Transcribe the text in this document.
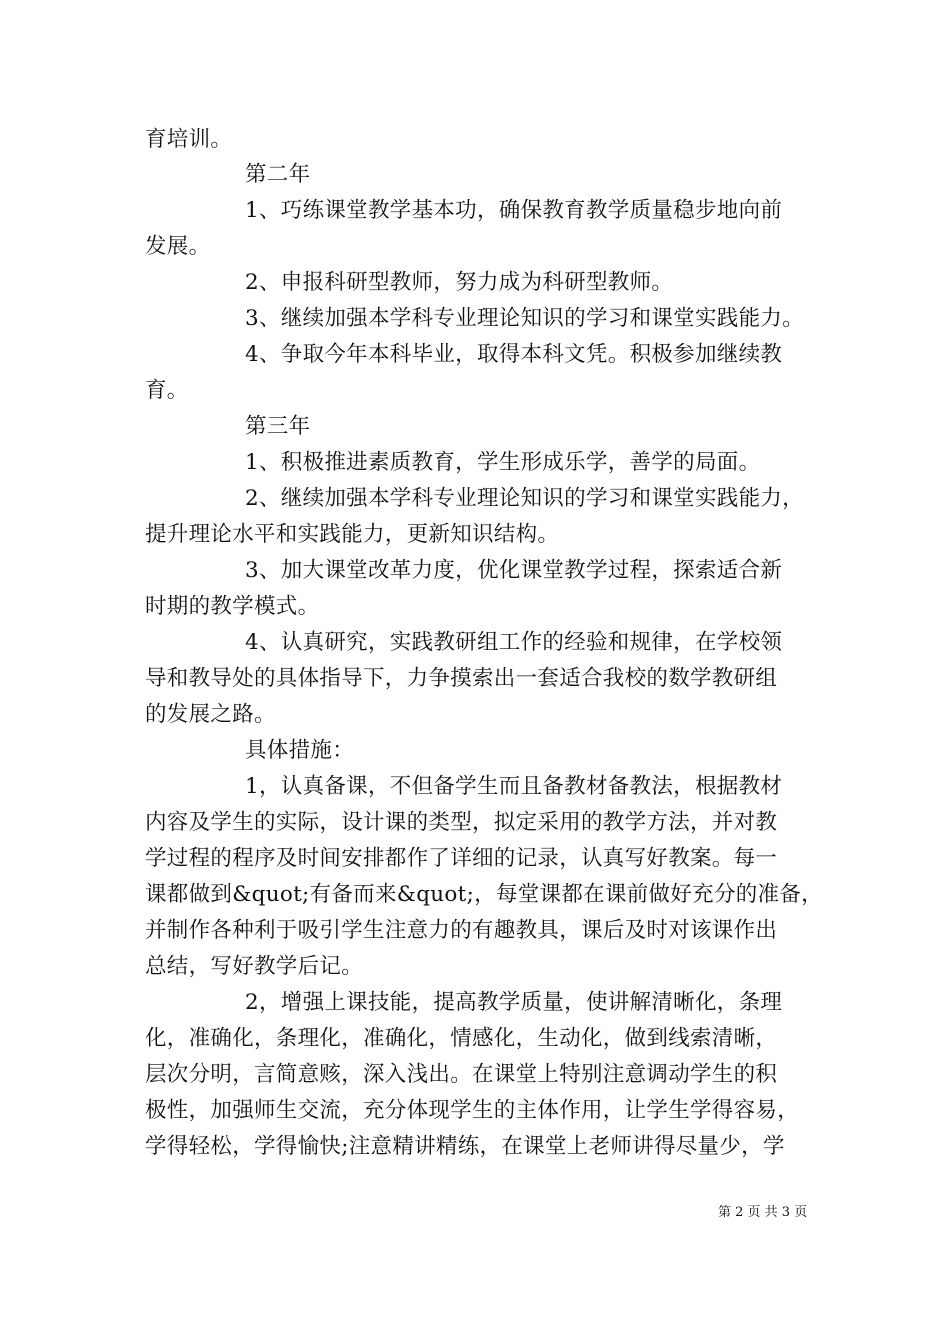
育培训。
第二年
1、巧练课堂教学基本功，确保教育教学质量稳步地向前
发展。
2、申报科研型教师，努力成为科研型教师。
3、继续加强本学科专业理论知识的学习和课堂实践能力。
4、争取今年本科毕业，取得本科文凭。积极参加继续教
育。
第三年
1、积极推进素质教育，学生形成乐学，善学的局面。
2、继续加强本学科专业理论知识的学习和课堂实践能力，
提升理论水平和实践能力，更新知识结构。
3、加大课堂改革力度，优化课堂教学过程，探索适合新
时期的教学模式。
4、认真研究，实践教研组工作的经验和规律，在学校领
导和教导处的具体指导下，力争摸索出一套适合我校的数学教研组
的发展之路。
具体措施：
1，认真备课，不但备学生而且备教材备教法，根据教材
内容及学生的实际，设计课的类型，拟定采用的教学方法，并对教
学过程的程序及时间安排都作了详细的记录，认真写好教案。每一
课都做到&quot;有备而来&quot;，每堂课都在课前做好充分的准备，
并制作各种利于吸引学生注意力的有趣教具，课后及时对该课作出
总结，写好教学后记。
2，增强上课技能，提高教学质量，使讲解清晰化，条理
化，准确化，条理化，准确化，情感化，生动化，做到线索清晰，
层次分明，言简意赅，深入浅出。在课堂上特别注意调动学生的积
极性，加强师生交流，充分体现学生的主体作用，让学生学得容易，
学得轻松，学得愉快;注意精讲精练，在课堂上老师讲得尽量少，学
第 2 页 共 3 页
